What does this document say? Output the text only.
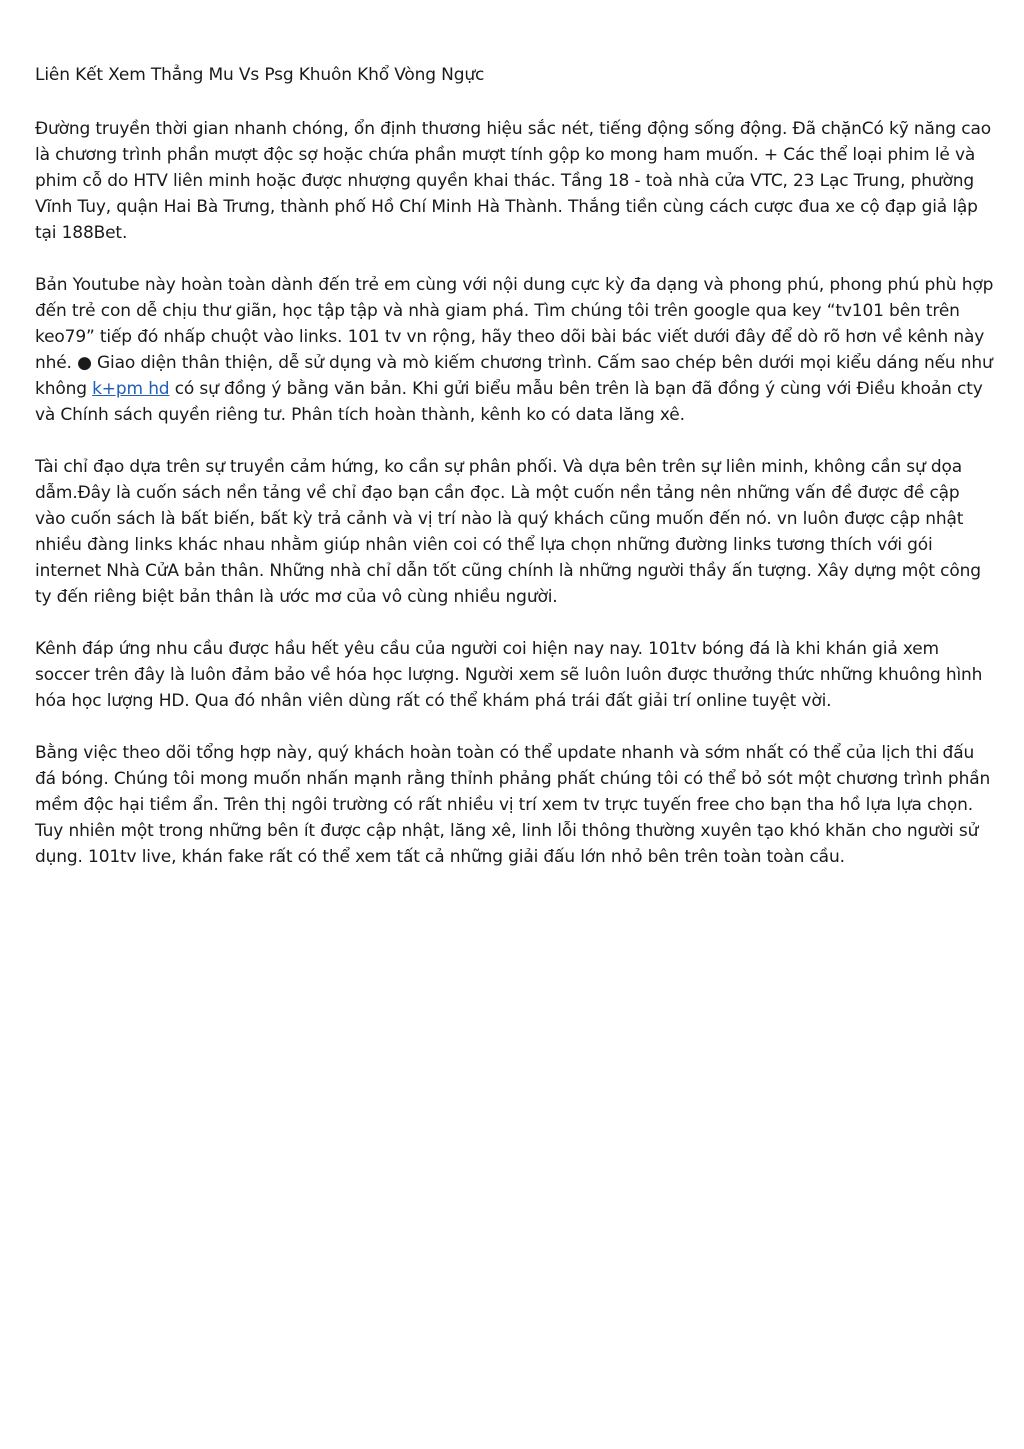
Liên Kết Xem Thẳng Mu Vs Psg Khuôn Khổ Vòng Ngực

Đường truyền thời gian nhanh chóng, ổn định thương hiệu sắc nét, tiếng động sống động. Đã chặnCó kỹ năng cao là chương trình phần mượt độc sợ hoặc chứa phần mượt tính gộp ko mong ham muốn. + Các thể loại phim lẻ và phim cỗ do HTV liên minh hoặc được nhượng quyền khai thác. Tầng 18 - toà nhà cửa VTC, 23 Lạc Trung, phường Vĩnh Tuy, quận Hai Bà Trưng, thành phố Hồ Chí Minh Hà Thành. Thắng tiền cùng cách cược đua xe cộ đạp giả lập tại 188Bet.

Bản Youtube này hoàn toàn dành đến trẻ em cùng với nội dung cực kỳ đa dạng và phong phú, phong phú phù hợp đến trẻ con dễ chịu thư giãn, học tập tập và nhà giam phá. Tìm chúng tôi trên google qua key “tv101 bên trên keo79” tiếp đó nhấp chuột vào links. 101 tv vn rộng, hãy theo dõi bài bác viết dưới đây để dò rõ hơn về kênh này nhé. ● Giao diện thân thiện, dễ sử dụng và mò kiếm chương trình. Cấm sao chép bên dưới mọi kiểu dáng nếu như không k+pm hd có sự đồng ý bằng văn bản. Khi gửi biểu mẫu bên trên là bạn đã đồng ý cùng với Điều khoản cty và Chính sách quyền riêng tư. Phân tích hoàn thành, kênh ko có data lăng xê.

Tài chỉ đạo dựa trên sự truyền cảm hứng, ko cần sự phân phối. Và dựa bên trên sự liên minh, không cần sự dọa dẫm.Đây là cuốn sách nền tảng về chỉ đạo bạn cần đọc. Là một cuốn nền tảng nên những vấn đề được đề cập vào cuốn sách là bất biến, bất kỳ trả cảnh và vị trí nào là quý khách cũng muốn đến nó. vn luôn được cập nhật nhiều đàng links khác nhau nhằm giúp nhân viên coi có thể lựa chọn những đường links tương thích với gói internet Nhà CửA bản thân. Những nhà chỉ dẫn tốt cũng chính là những người thầy ấn tượng. Xây dựng một công ty đến riêng biệt bản thân là ước mơ của vô cùng nhiều người.

Kênh đáp ứng nhu cầu được hầu hết yêu cầu của người coi hiện nay nay. 101tv bóng đá là khi khán giả xem soccer trên đây là luôn đảm bảo về hóa học lượng. Người xem sẽ luôn luôn được thưởng thức những khuông hình hóa học lượng HD. Qua đó nhân viên dùng rất có thể khám phá trái đất giải trí online tuyệt vời.

Bằng việc theo dõi tổng hợp này, quý khách hoàn toàn có thể update nhanh và sớm nhất có thể của lịch thi đấu đá bóng. Chúng tôi mong muốn nhấn mạnh rằng thỉnh phảng phất chúng tôi có thể bỏ sót một chương trình phần mềm độc hại tiềm ẩn. Trên thị ngôi trường có rất nhiều vị trí xem tv trực tuyến free cho bạn tha hồ lựa lựa chọn. Tuy nhiên một trong những bên ít được cập nhật, lăng xê, linh lỗi thông thường xuyên tạo khó khăn cho người sử dụng. 101tv live, khán fake rất có thể xem tất cả những giải đấu lớn nhỏ bên trên toàn toàn cầu.
